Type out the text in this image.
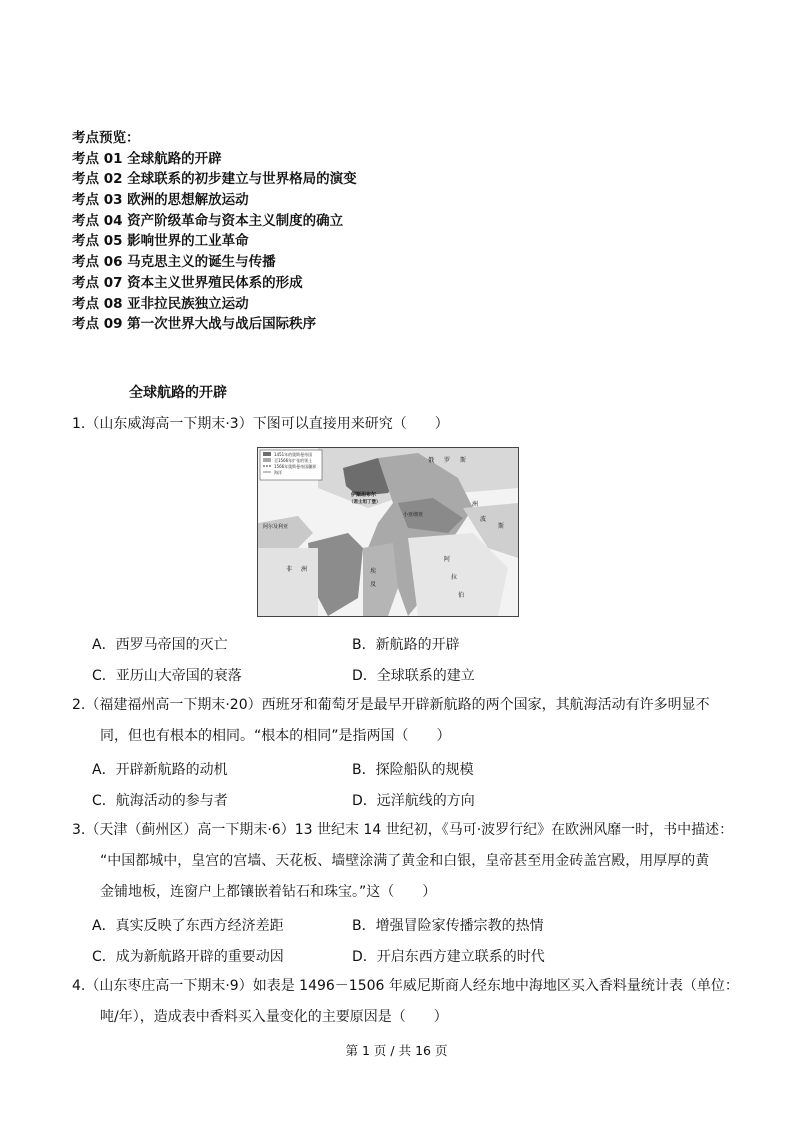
考点预览：
考点 01 全球航路的开辟
考点 02 全球联系的初步建立与世界格局的演变
考点 03 欧洲的思想解放运动
考点 04 资产阶级革命与资本主义制度的确立
考点 05 影响世界的工业革命
考点 06 马克思主义的诞生与传播
考点 07 资本主义世界殖民体系的形成
考点 08 亚非拉民族独立运动
考点 09 第一次世界大战与战后国际秩序
全球航路的开辟
1.（山东威海高一下期末·3）下图可以直接用来研究（　　）
1451年的奥斯曼帝国
至1566年扩张的领土
1566年奥斯曼帝国疆界
海洋
俄 罗 斯
伊斯坦布尔
（君士坦丁堡）
小亚细亚
阿尔及利亚
非 洲	埃
及
阿
拉
伯
洲
波
斯
A．西罗马帝国的灭亡	B．新航路的开辟
C．亚历山大帝国的衰落	D．全球联系的建立
2.（福建福州高一下期末·20）西班牙和葡萄牙是最早开辟新航路的两个国家，其航海活动有许多明显不
同，但也有根本的相同。“根本的相同”是指两国（　　）
A．开辟新航路的动机	B．探险船队的规模
C．航海活动的参与者	D．远洋航线的方向
3.（天津（蓟州区）高一下期末·6）13 世纪末 14 世纪初，《马可·波罗行纪》在欧洲风靡一时，书中描述：
“中国都城中，皇宫的宫墙、天花板、墙壁涂满了黄金和白银，皇帝甚至用金砖盖宫殿，用厚厚的黄
金铺地板，连窗户上都镶嵌着钻石和珠宝。”这（　　）
A．真实反映了东西方经济差距	B．增强冒险家传播宗教的热情
C．成为新航路开辟的重要动因	D．开启东西方建立联系的时代
4.（山东枣庄高一下期末·9）如表是 1496－1506 年威尼斯商人经东地中海地区买入香料量统计表（单位：
吨/年），造成表中香料买入量变化的主要原因是（　　）
第 1 页 / 共 16 页
